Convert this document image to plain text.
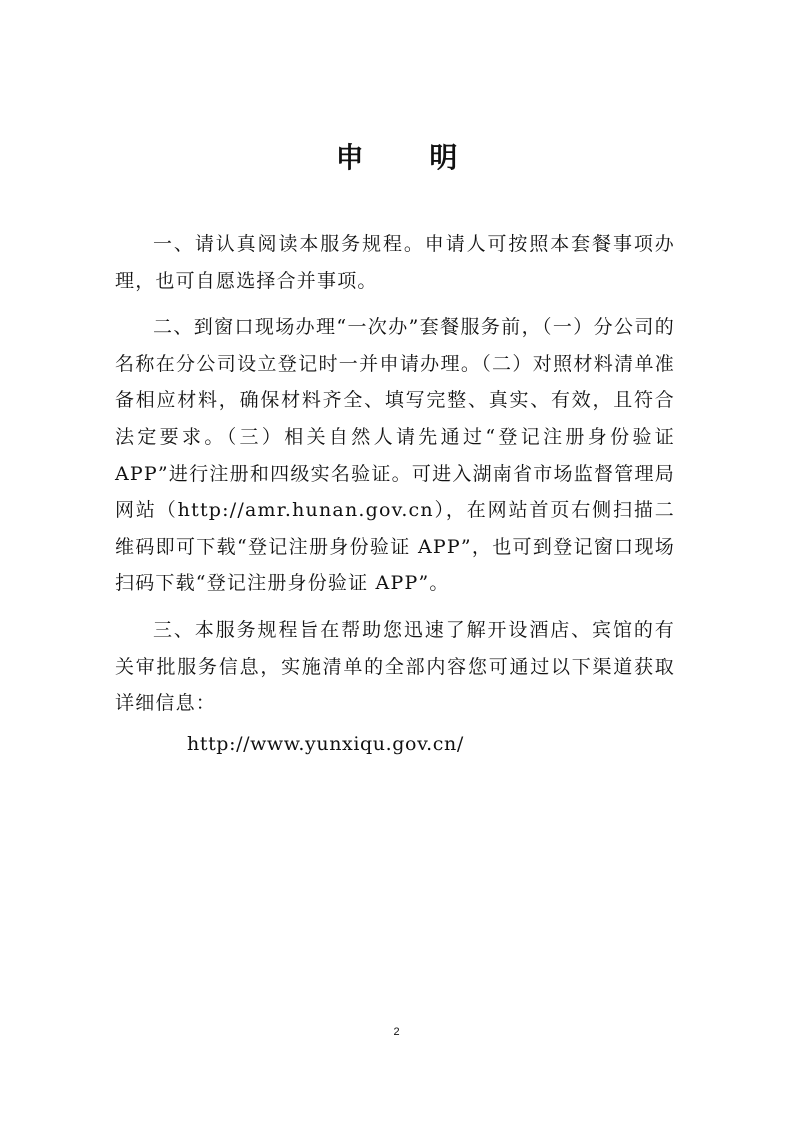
申 明

一、请认真阅读本服务规程。申请人可按照本套餐事项办理，也可自愿选择合并事项。

二、到窗口现场办理“一次办”套餐服务前，（一）分公司的名称在分公司设立登记时一并申请办理。（二）对照材料清单准备相应材料，确保材料齐全、填写完整、真实、有效，且符合法定要求。（三）相关自然人请先通过“登记注册身份验证 APP”进行注册和四级实名验证。可进入湖南省市场监督管理局网站（http://amr.hunan.gov.cn），在网站首页右侧扫描二维码即可下载“登记注册身份验证 APP”，也可到登记窗口现场扫码下载“登记注册身份验证 APP”。

三、本服务规程旨在帮助您迅速了解开设酒店、宾馆的有关审批服务信息，实施清单的全部内容您可通过以下渠道获取详细信息：

http://www.yunxiqu.gov.cn/

2
